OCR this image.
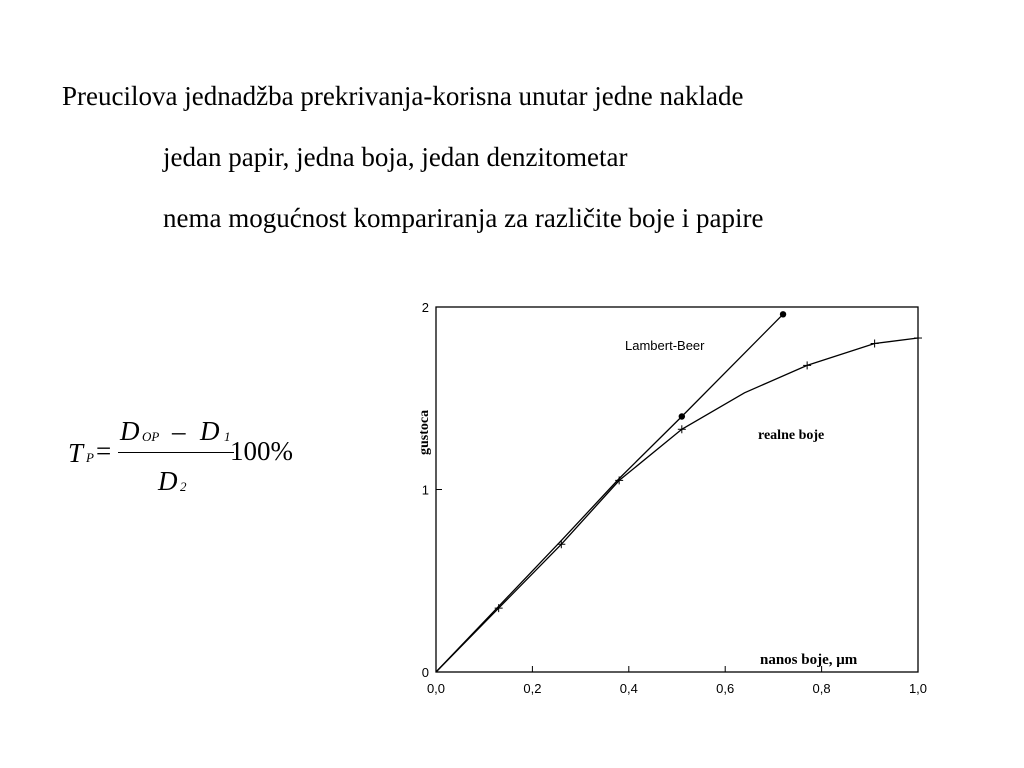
Preucilova jednadžba prekrivanja-korisna unutar jedne naklade
jedan papir, jedna boja, jedan denzitometar
nema mogućnost kompariranja za različite boje i papire
T P =
D OP – D 1 100%
D 2
0,0	0,2	0,4	0,6	0,8	1,0
0
1
2
Lambert-Beer
realne boje
nanos boje, μm
gustoca
